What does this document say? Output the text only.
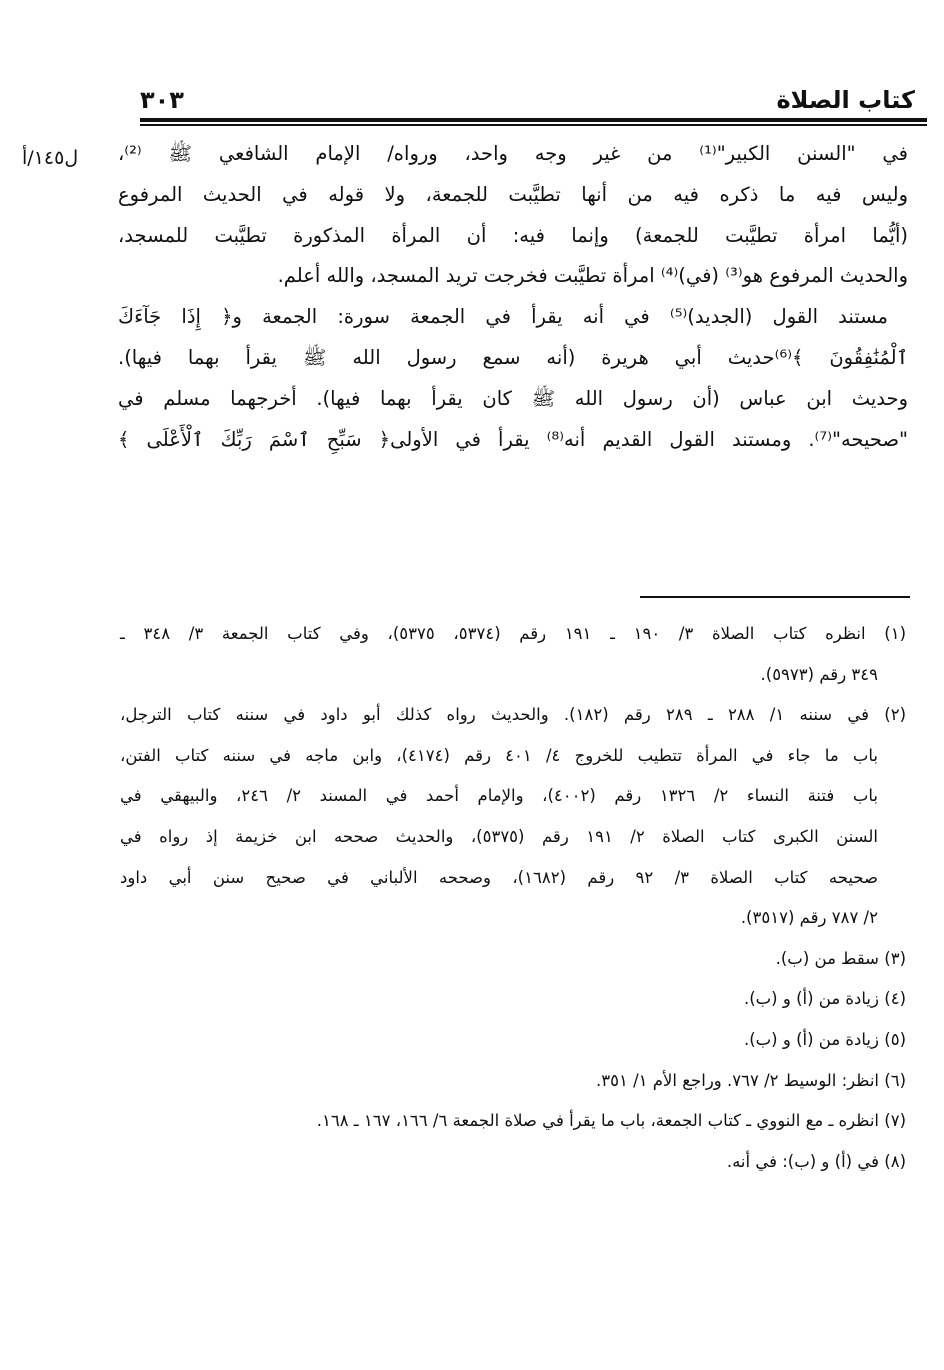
كتاب الصلاة
٣٠٣
ل١٤٥/أ في "السنن الكبير"⁽¹⁾ من غير وجه واحد، ورواه/ الإمام الشافعي ﷺ ⁽²⁾،
وليس فيه ما ذكره فيه من أنها تطيَّبت للجمعة، ولا قوله في الحديث المرفوع
(أيُّما امرأة تطيَّبت للجمعة) وإنما فيه: أن المرأة المذكورة تطيَّبت للمسجد،
والحديث المرفوع هو⁽³⁾ (في)⁽⁴⁾ امرأة تطيَّبت فخرجت تريد المسجد، والله أعلم.
مستند القول (الجديد)⁽⁵⁾ في أنه يقرأ في الجمعة سورة: الجمعة و﴿ إِذَا جَآءَكَ
ٱلْمُنَٰفِقُونَ ﴾⁽⁶⁾حديث أبي هريرة (أنه سمع رسول الله ﷺ يقرأ بهما فيها).
وحديث ابن عباس (أن رسول الله ﷺ كان يقرأ بهما فيها). أخرجهما مسلم في
"صحيحه"⁽⁷⁾. ومستند القول القديم أنه⁽⁸⁾ يقرأ في الأولى﴿ سَبِّحِ ٱسْمَ رَبِّكَ ٱلْأَعْلَى ﴾
(١) انظره كتاب الصلاة ٣/ ١٩٠ ـ ١٩١ رقم (٥٣٧٤، ٥٣٧٥)، وفي كتاب الجمعة ٣/ ٣٤٨ ـ
٣٤٩ رقم (٥٩٧٣).
(٢) في سننه ١/ ٢٨٨ ـ ٢٨٩ رقم (١٨٢). والحديث رواه كذلك أبو داود في سننه كتاب الترجل،
باب ما جاء في المرأة تتطيب للخروج ٤/ ٤٠١ رقم (٤١٧٤)، وابن ماجه في سننه كتاب الفتن،
باب فتنة النساء ٢/ ١٣٢٦ رقم (٤٠٠٢)، والإمام أحمد في المسند ٢/ ٢٤٦، والبيهقي في
السنن الكبرى كتاب الصلاة ٢/ ١٩١ رقم (٥٣٧٥)، والحديث صححه ابن خزيمة إذ رواه في
صحيحه كتاب الصلاة ٣/ ٩٢ رقم (١٦٨٢)، وصححه الألباني في صحيح سنن أبي داود
٢/ ٧٨٧ رقم (٣٥١٧).
(٣) سقط من (ب).
(٤) زيادة من (أ) و (ب).
(٥) زيادة من (أ) و (ب).
(٦) انظر: الوسيط ٢/ ٧٦٧. وراجع الأم ١/ ٣٥١.
(٧) انظره ـ مع النووي ـ كتاب الجمعة، باب ما يقرأ في صلاة الجمعة ٦/ ١٦٦، ١٦٧ ـ ١٦٨.
(٨) في (أ) و (ب): في أنه.
